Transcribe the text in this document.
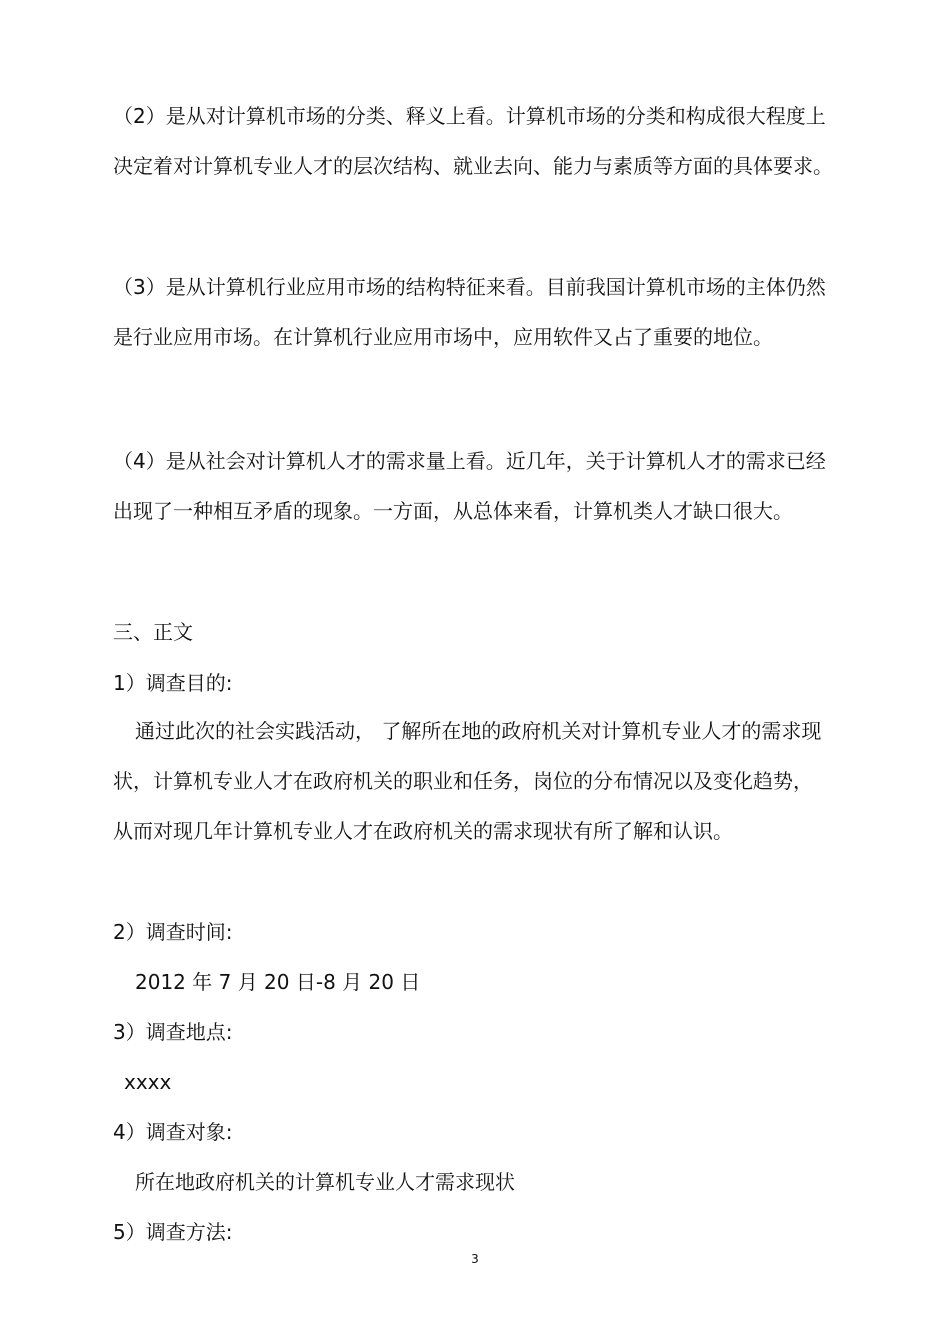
（2）是从对计算机市场的分类、释义上看。计算机市场的分类和构成很大程度上决定着对计算机专业人才的层次结构、就业去向、能力与素质等方面的具体要求。

（3）是从计算机行业应用市场的结构特征来看。目前我国计算机市场的主体仍然是行业应用市场。在计算机行业应用市场中，应用软件又占了重要的地位。

（4）是从社会对计算机人才的需求量上看。近几年，关于计算机人才的需求已经出现了一种相互矛盾的现象。一方面，从总体来看，计算机类人才缺口很大。

三、正文
1）调查目的:

通过此次的社会实践活动， 了解所在地的政府机关对计算机专业人才的需求现状，计算机专业人才在政府机关的职业和任务，岗位的分布情况以及变化趋势， 从而对现几年计算机专业人才在政府机关的需求现状有所了解和认识。

2）调查时间:
2012 年 7 月 20 日-8 月 20 日
3）调查地点:
xxxx
4）调查对象:
所在地政府机关的计算机专业人才需求现状
5）调查方法:
3
